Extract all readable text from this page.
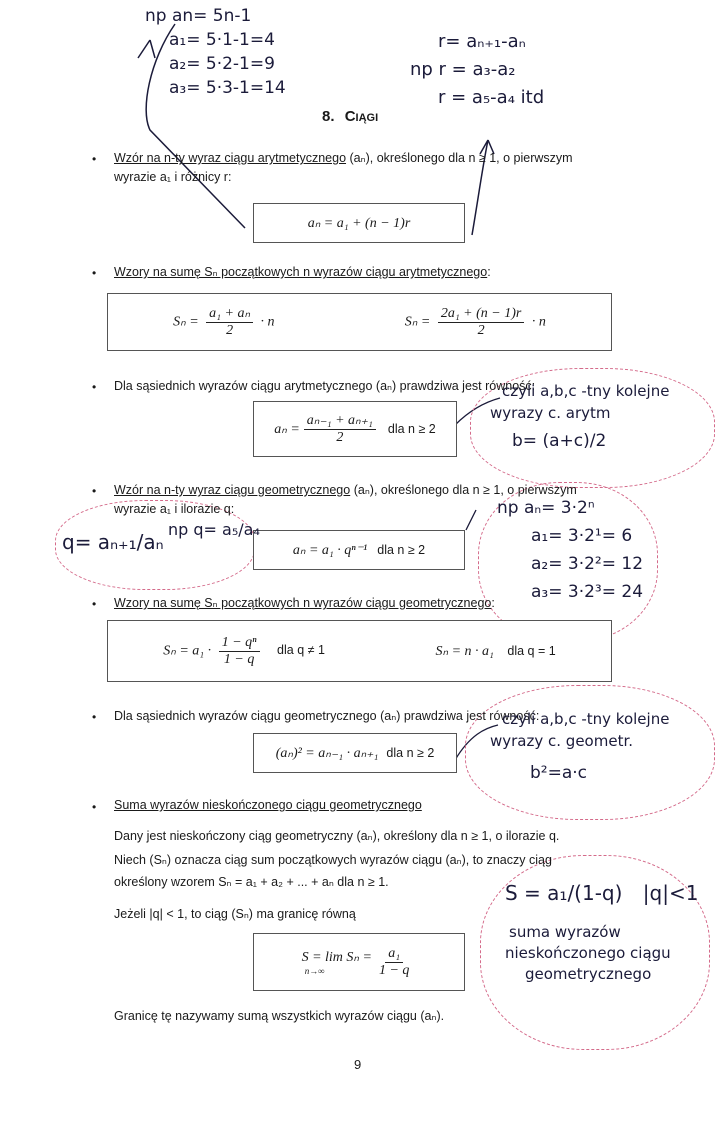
np an= 5n-1
a₁= 5·1-1=4
a₂= 5·2-1=9
a₃= 5·3-1=14
r= aₙ₊₁-aₙ
np r = a₃-a₂
r = a₅-a₄ itd
8. Ciągi
• Wzór na n-ty wyraz ciągu arytmetycznego (aₙ), określonego dla n ≥ 1, o pierwszym
wyrazie a₁ i różnicy r:
aₙ = a₁ + (n − 1)r
• Wzory na sumę Sₙ początkowych n wyrazów ciągu arytmetycznego:
$S_n = \frac{\text{a₁ + aₙ}}{2} \cdot n$	$S_n = \frac{\text{2a₁ + (n − 1)r}}{2} \cdot n$
• Dla sąsiednich wyrazów ciągu arytmetycznego (aₙ) prawdziwa jest równość:
$a_n = \frac{\text{aₙ₋₁ + aₙ₊₁}}{2}$ dla n ≥ 2
czyli a,b,c -tny kolejne
wyrazy c. arytm
b= (a+c)/2
• Wzór na n-ty wyraz ciągu geometrycznego (aₙ), określonego dla n ≥ 1, o pierwszym
wyrazie a₁ i ilorazie q:
aₙ = a₁ · qⁿ⁻¹ dla n ≥ 2
q= aₙ₊₁/aₙ
np q= a₅/a₄
np aₙ= 3·2ⁿ
a₁= 3·2¹= 6
a₂= 3·2²= 12
a₃= 3·2³= 24
• Wzory na sumę Sₙ początkowych n wyrazów ciągu geometrycznego:
$S_n = a_1 \cdot \frac{\text{1 − qⁿ}}{1 - q}$ dla q ≠ 1	Sₙ = n · a₁ dla q = 1
• Dla sąsiednich wyrazów ciągu geometrycznego (aₙ) prawdziwa jest równość:
(aₙ)² = aₙ₋₁ · aₙ₊₁ dla n ≥ 2
czyli a,b,c -tny kolejne
wyrazy c. geometr.
b²=a·c
• Suma wyrazów nieskończonego ciągu geometrycznego
Dany jest nieskończony ciąg geometryczny (aₙ), określony dla n ≥ 1, o ilorazie q.
Niech (Sₙ) oznacza ciąg sum początkowych wyrazów ciągu (aₙ), to znaczy ciąg
określony wzorem Sₙ = a₁ + a₂ + ... + aₙ dla n ≥ 1.
Jeżeli |q| < 1, to ciąg (Sₙ) ma granicę równą
S = lim Sₙ =
n→∞	$\frac{\text{a₁}}{1 - q}$
Granicę tę nazywamy sumą wszystkich wyrazów ciągu (aₙ).
S = a₁/(1-q) |q|<1
suma wyrazów
nieskończonego ciągu
geometrycznego
9
